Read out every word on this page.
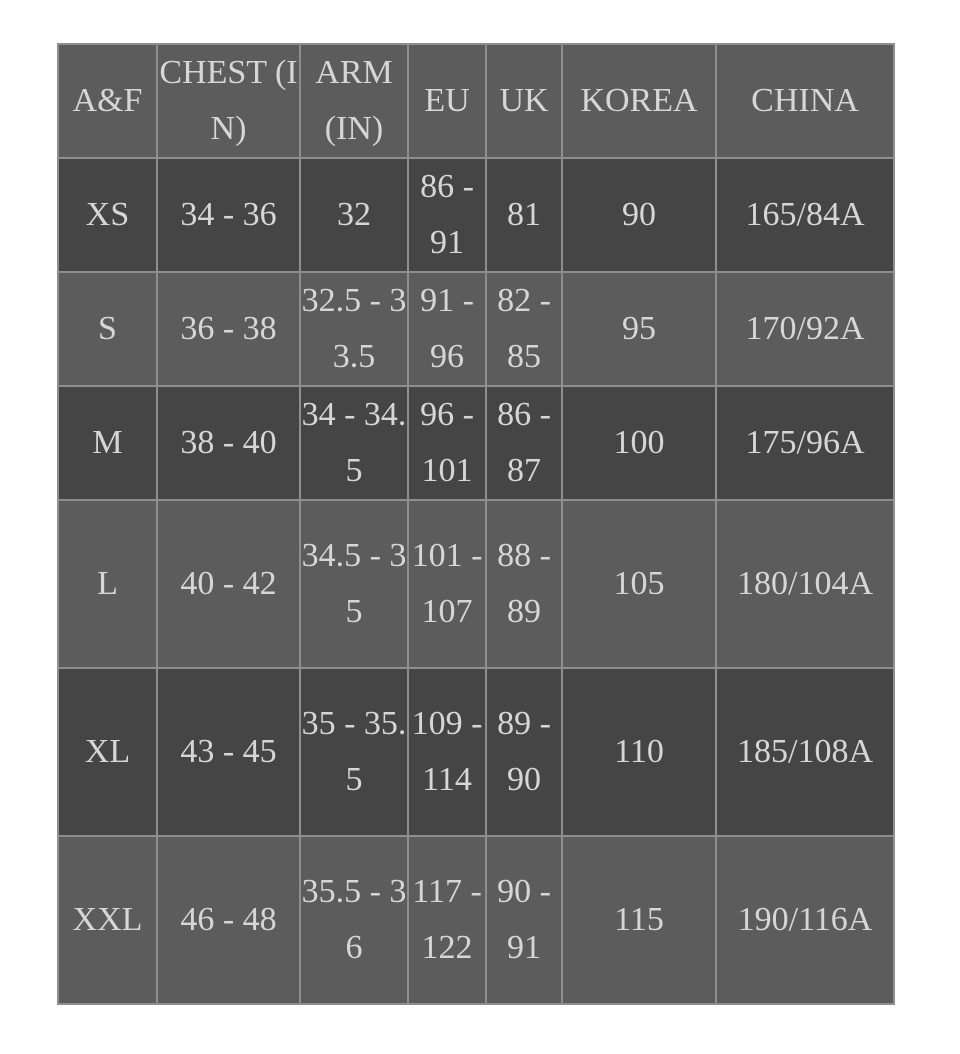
A&F	CHEST (IN)	ARM (IN)	EU	UK	KOREA	CHINA
XS	34 - 36	32	86 - 91	81	90	165/84A
S	36 - 38	32.5 - 33.5	91 - 96	82 - 85	95	170/92A
M	38 - 40	34 - 34.5	96 - 101	86 - 87	100	175/96A
L	40 - 42	34.5 - 35	101 - 107	88 - 89	105	180/104A
XL	43 - 45	35 - 35.5	109 - 114	89 - 90	110	185/108A
XXL	46 - 48	35.5 - 36	117 - 122	90 - 91	115	190/116A
